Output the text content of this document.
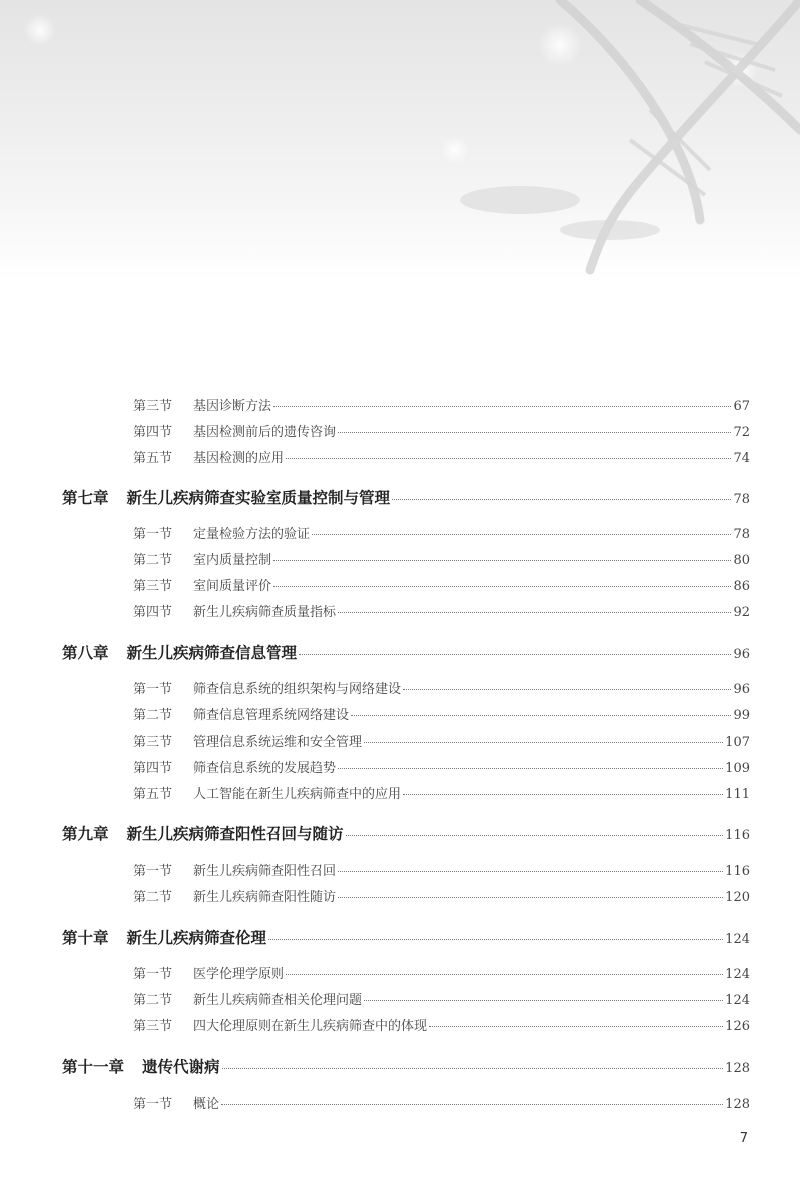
第三节	基因诊断方法	67
第四节	基因检测前后的遗传咨询	72
第五节	基因检测的应用	74
第七章 新生儿疾病筛查实验室质量控制与管理	78
第一节	定量检验方法的验证	78
第二节	室内质量控制	80
第三节	室间质量评价	86
第四节	新生儿疾病筛查质量指标	92
第八章 新生儿疾病筛查信息管理	96
第一节	筛查信息系统的组织架构与网络建设	96
第二节	筛查信息管理系统网络建设	99
第三节	管理信息系统运维和安全管理	107
第四节	筛查信息系统的发展趋势	109
第五节	人工智能在新生儿疾病筛查中的应用	111
第九章 新生儿疾病筛查阳性召回与随访	116
第一节	新生儿疾病筛查阳性召回	116
第二节	新生儿疾病筛查阳性随访	120
第十章 新生儿疾病筛查伦理	124
第一节	医学伦理学原则	124
第二节	新生儿疾病筛查相关伦理问题	124
第三节	四大伦理原则在新生儿疾病筛查中的体现	126
第十一章 遗传代谢病	128
第一节	概论	128
7
